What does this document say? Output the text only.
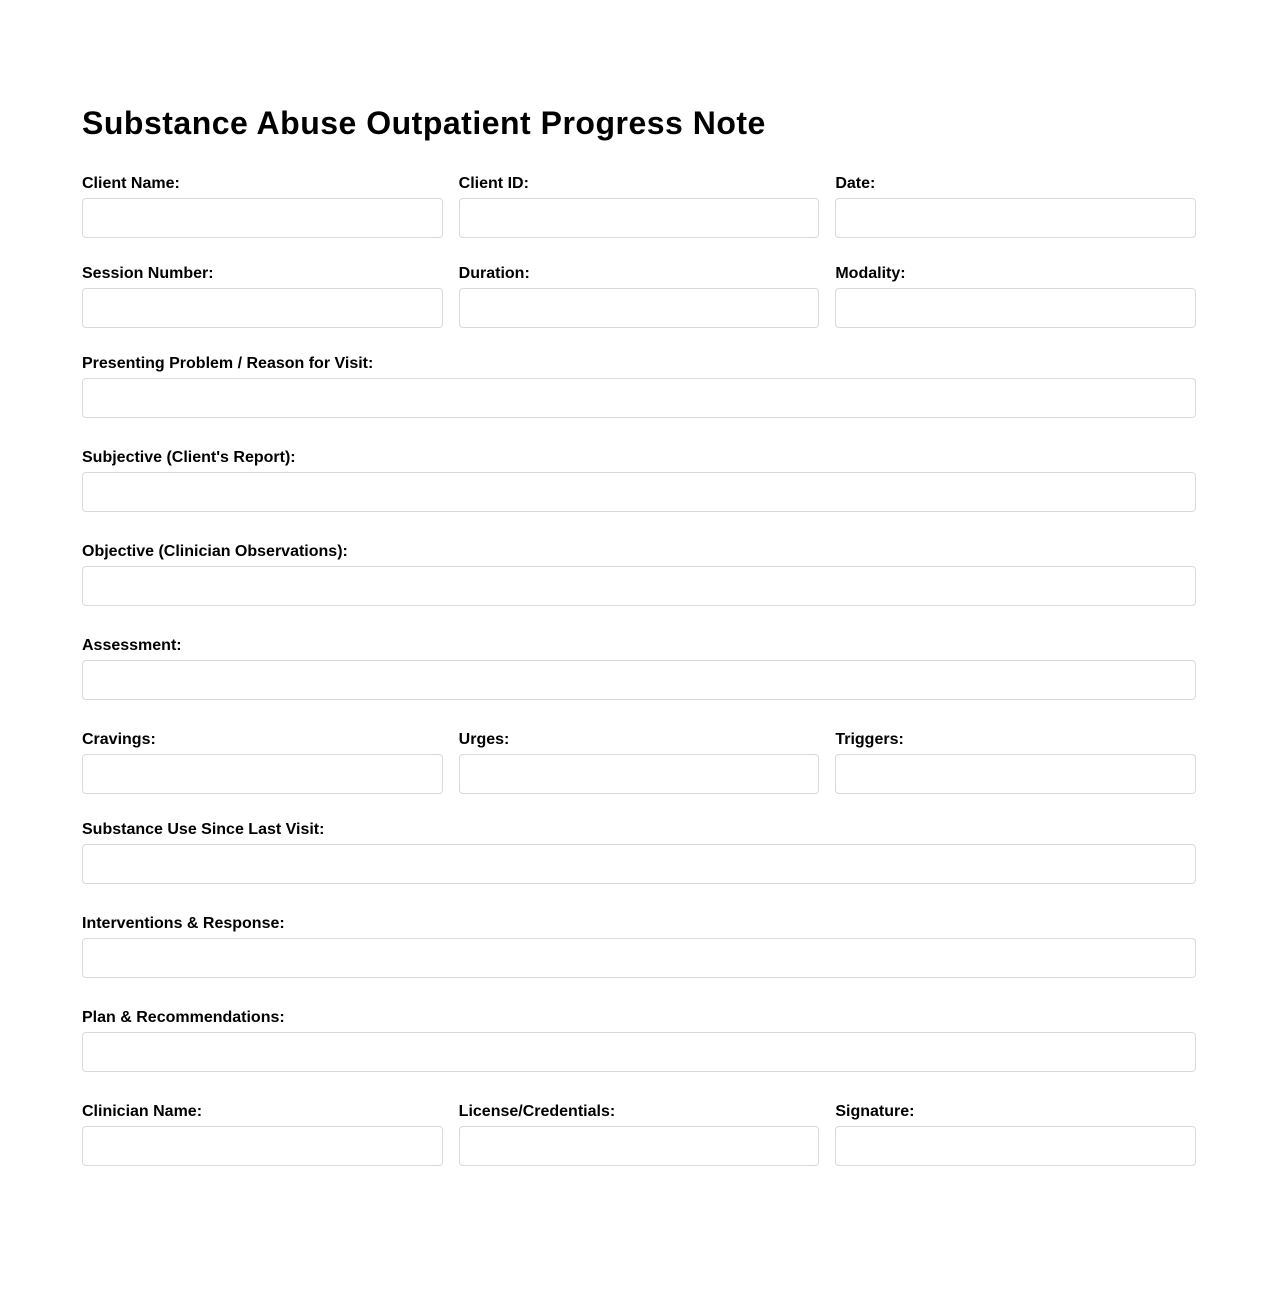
Substance Abuse Outpatient Progress Note
Client Name:	Client ID:	Date:
Session Number:	Duration:	Modality:
Presenting Problem / Reason for Visit:
Subjective (Client's Report):
Objective (Clinician Observations):
Assessment:
Cravings:	Urges:	Triggers:
Substance Use Since Last Visit:
Interventions & Response:
Plan & Recommendations:
Clinician Name:	License/Credentials:	Signature:
